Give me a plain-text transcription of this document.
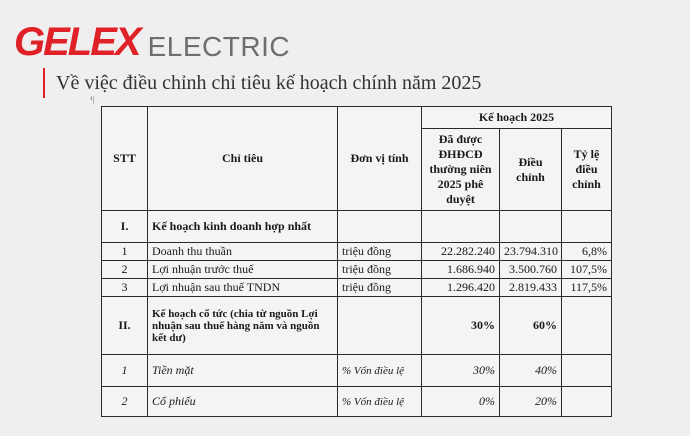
GELEX ELECTRIC
Về việc điều chỉnh chỉ tiêu kế hoạch chính năm 2025
¹|
STT	Chỉ tiêu	Đơn vị tính	Kế hoạch 2025		
			Đã được ĐHĐCĐ thường niên 2025 phê duyệt	Điều chỉnh	Tỷ lệ điều chỉnh
I.	Kế hoạch kinh doanh hợp nhất				
1	Doanh thu thuần	triệu đồng	22.282.240	23.794.310	6,8%
2	Lợi nhuận trước thuế	triệu đồng	1.686.940	3.500.760	107,5%
3	Lợi nhuận sau thuế TNDN	triệu đồng	1.296.420	2.819.433	117,5%
II.	Kế hoạch cổ tức (chia từ nguồn Lợi nhuận sau thuế hàng năm và nguồn kết dư)		30%	60%	
1	Tiền mặt	% Vốn điều lệ	30%	40%	
2	Cổ phiếu	% Vốn điều lệ	0%	20%	
